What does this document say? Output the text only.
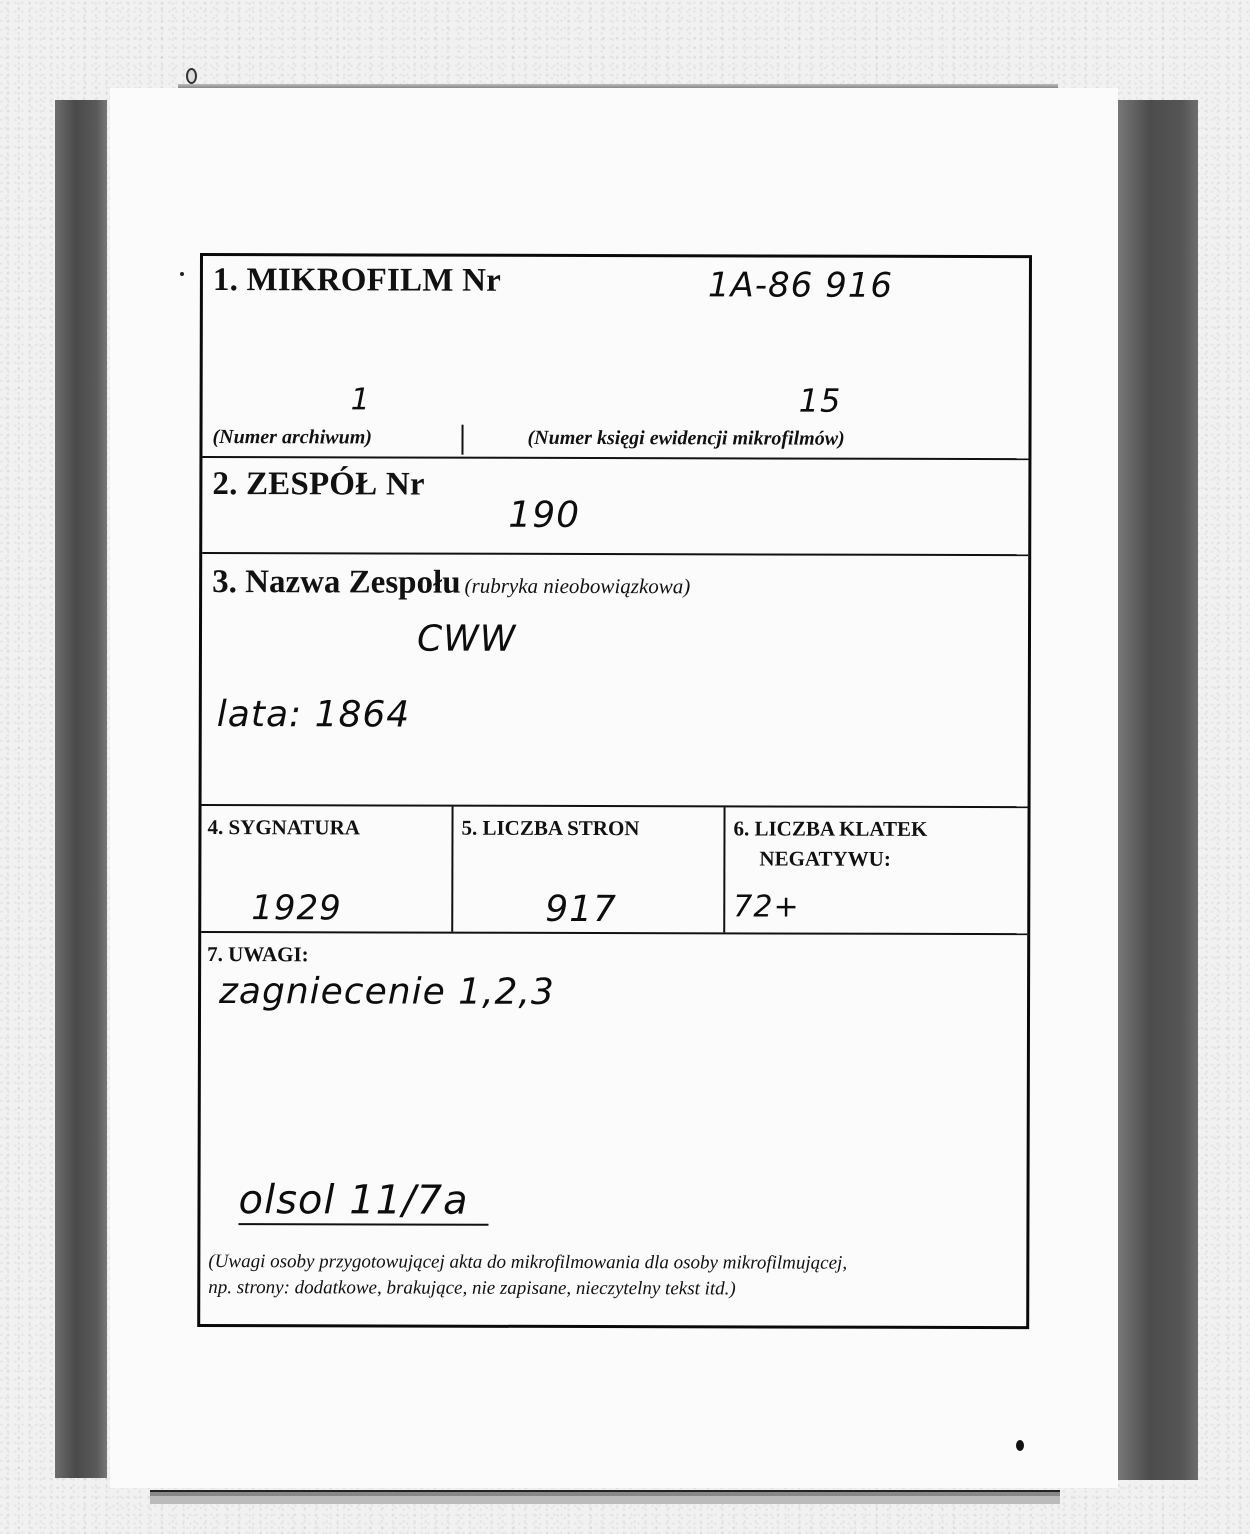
1. MIKROFILM Nr	1A-86 916
1	15
(Numer archiwum)	(Numer księgi ewidencji mikrofilmów)
2. ZESPÓŁ Nr
190
3. Nazwa Zespołu (rubryka nieobowiązkowa)
CWW
lata: 1864
4. SYGNATURA
1929
5. LICZBA STRON
917
6. LICZBA KLATEK
NEGATYWU:
72+
7. UWAGI:
zagniecenie 1,2,3
olsol 11/7a
(Uwagi osoby przygotowującej akta do mikrofilmowania dla osoby mikrofilmującej,
np. strony: dodatkowe, brakujące, nie zapisane, nieczytelny tekst itd.)
